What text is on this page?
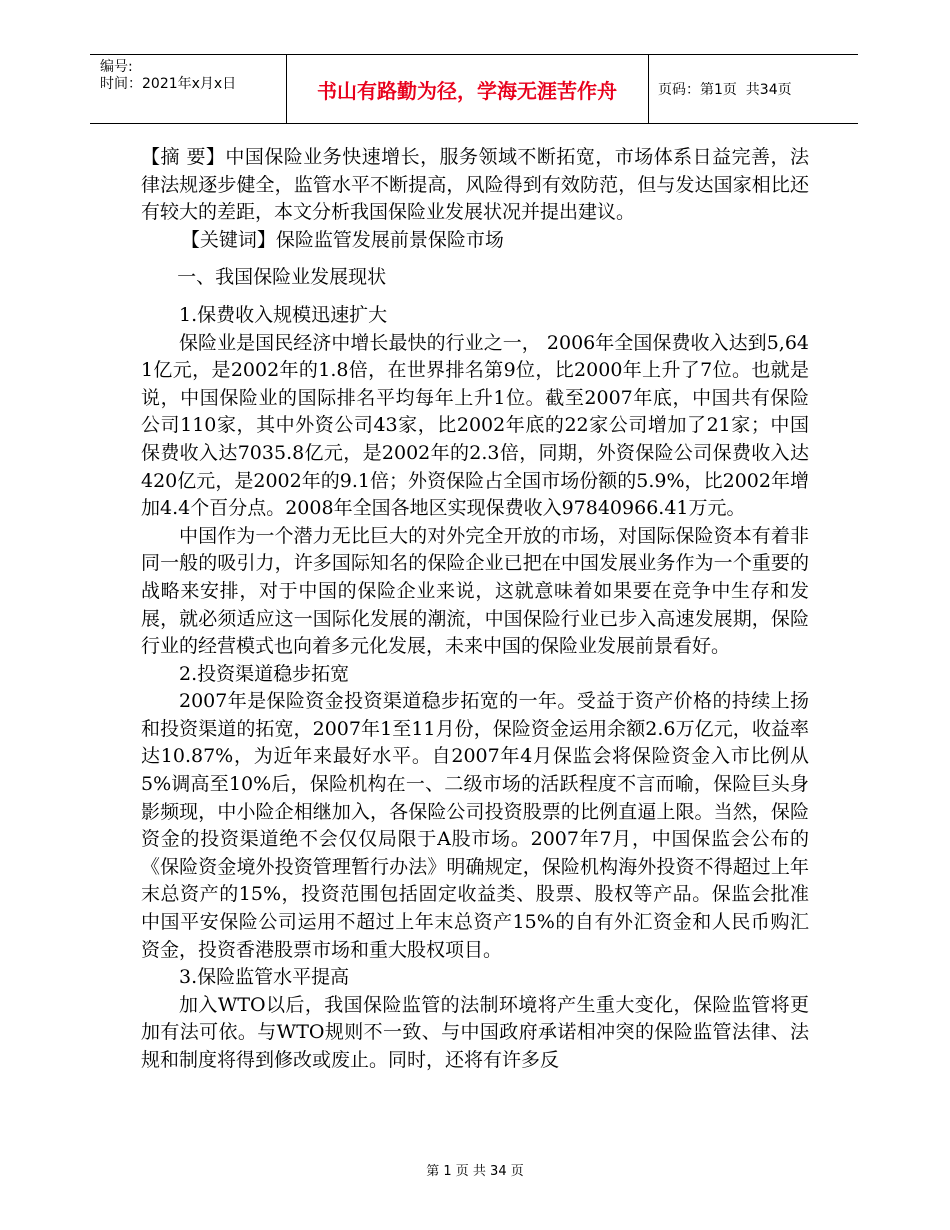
编号:
时间：2021年x月x日	书山有路勤为径，学海无涯苦作舟	页码：第1页  共34页

【摘 要】中国保险业务快速增长，服务领域不断拓宽，市场体系日益完善，法律法规逐步健全，监管水平不断提高，风险得到有效防范，但与发达国家相比还有较大的差距，本文分析我国保险业发展状况并提出建议。

【关键词】保险监管发展前景保险市场

一、我国保险业发展现状

1.保费收入规模迅速扩大

保险业是国民经济中增长最快的行业之一， 2006年全国保费收入达到5,641亿元，是2002年的1.8倍，在世界排名第9位，比2000年上升了7位。也就是说，中国保险业的国际排名平均每年上升1位。截至2007年底，中国共有保险公司110家，其中外资公司43家，比2002年底的22家公司增加了21家；中国保费收入达7035.8亿元，是2002年的2.3倍，同期，外资保险公司保费收入达420亿元，是2002年的9.1倍；外资保险占全国市场份额的5.9%，比2002年增加4.4个百分点。2008年全国各地区实现保费收入97840966.41万元。

中国作为一个潜力无比巨大的对外完全开放的市场，对国际保险资本有着非同一般的吸引力，许多国际知名的保险企业已把在中国发展业务作为一个重要的战略来安排，对于中国的保险企业来说，这就意味着如果要在竞争中生存和发展，就必须适应这一国际化发展的潮流，中国保险行业已步入高速发展期，保险行业的经营模式也向着多元化发展，未来中国的保险业发展前景看好。

2.投资渠道稳步拓宽

2007年是保险资金投资渠道稳步拓宽的一年。受益于资产价格的持续上扬和投资渠道的拓宽，2007年1至11月份，保险资金运用余额2.6万亿元，收益率达10.87%，为近年来最好水平。自2007年4月保监会将保险资金入市比例从5%调高至10%后，保险机构在一、二级市场的活跃程度不言而喻，保险巨头身影频现，中小险企相继加入，各保险公司投资股票的比例直逼上限。当然，保险资金的投资渠道绝不会仅仅局限于A股市场。2007年7月，中国保监会公布的《保险资金境外投资管理暂行办法》明确规定，保险机构海外投资不得超过上年末总资产的15%，投资范围包括固定收益类、股票、股权等产品。保监会批准中国平安保险公司运用不超过上年末总资产15%的自有外汇资金和人民币购汇资金，投资香港股票市场和重大股权项目。

3.保险监管水平提高

加入WTO以后，我国保险监管的法制环境将产生重大变化，保险监管将更加有法可依。与WTO规则不一致、与中国政府承诺相冲突的保险监管法律、法规和制度将得到修改或废止。同时，还将有许多反

第 1 页 共 34 页
